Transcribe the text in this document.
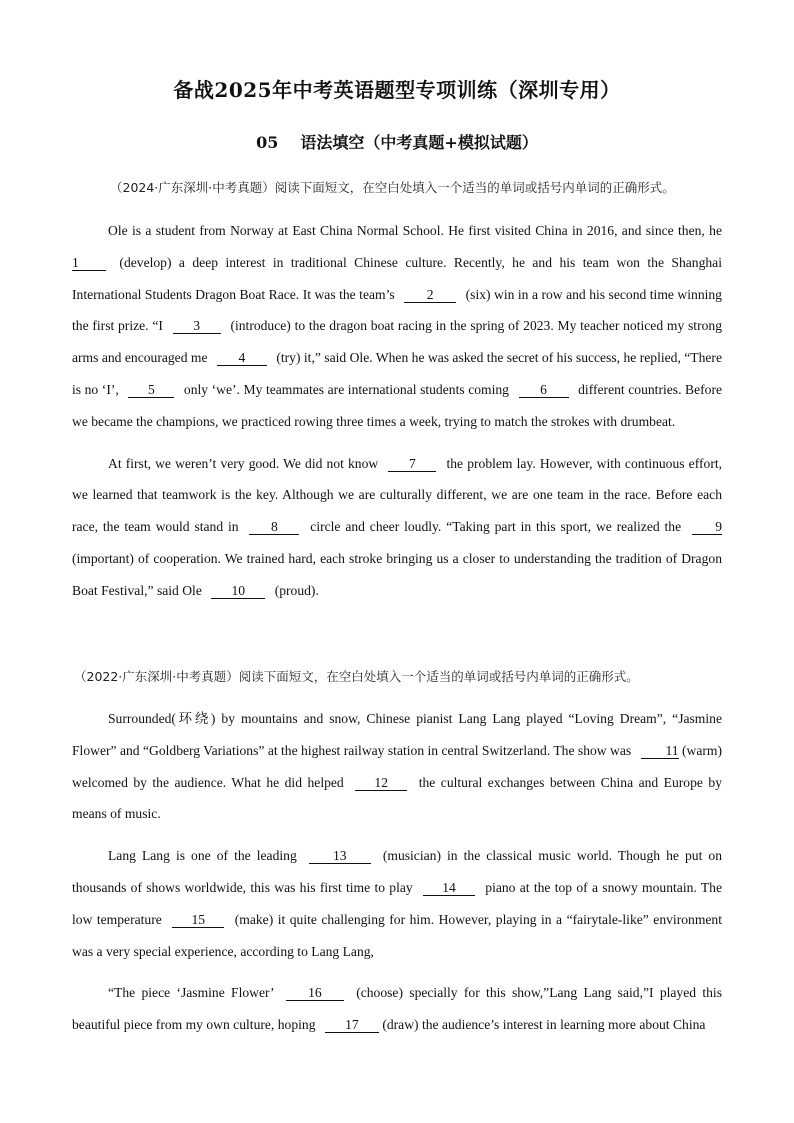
备战2025年中考英语题型专项训练（深圳专用）
05 语法填空（中考真题+模拟试题）
（2024·广东深圳·中考真题）阅读下面短文，在空白处填入一个适当的单词或括号内单词的正确形式。

Ole is a student from Norway at East China Normal School. He first visited China in 2016, and since then, he 1	(develop) a deep interest in traditional Chinese culture. Recently, he and his team won the Shanghai International Students Dragon Boat Race. It was the team’s 2 (six) win in a row and his second time winning the first prize. “I 3 (introduce) to the dragon boat racing in the spring of 2023. My teacher noticed my strong arms and encouraged me 4 (try) it,” said Ole. When he was asked the secret of his success, he replied, “There is no ‘I’, 5 only ‘we’. My teammates are international students coming 6 different countries. Before we became the champions, we practiced rowing three times a week, trying to match the strokes with drumbeat.

At first, we weren’t very good. We did not know 7 the problem lay. However, with continuous effort, we learned that teamwork is the key. Although we are culturally different, we are one team in the race. Before each race, the team would stand in 8 circle and cheer loudly. “Taking part in this sport, we realized the	9 (important) of cooperation. We trained hard, each stroke bringing us a closer to understanding the tradition of Dragon Boat Festival,” said Ole 10 (proud).

（2022·广东深圳·中考真题）阅读下面短文，在空白处填入一个适当的单词或括号内单词的正确形式。

Surrounded(环绕) by mountains and snow, Chinese pianist Lang Lang played “Loving Dream”, “Jasmine Flower” and “Goldberg Variations” at the highest railway station in central Switzerland. The show was	11 (warm) welcomed by the audience. What he did helped 12 the cultural exchanges between China and Europe by means of music.

Lang Lang is one of the leading	13	(musician) in the classical music world. Though he put on thousands of shows worldwide, this was his first time to play 14 piano at the top of a snowy mountain. The low temperature 15 (make) it quite challenging for him. However, playing in a “fairytale-like” environment was a very special experience, according to Lang Lang,

“The piece ‘Jasmine Flower’	16	(choose) specially for this show,”Lang Lang said,”I played this beautiful piece from my own culture, hoping 17 (draw) the audience’s interest in learning more about China
